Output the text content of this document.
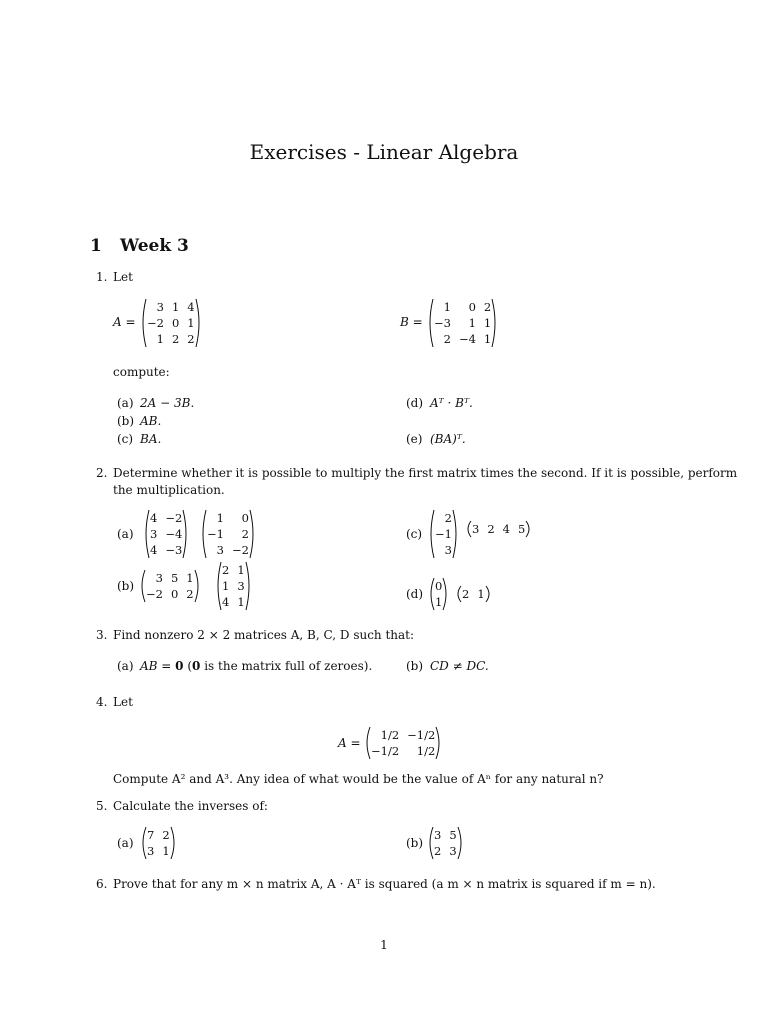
Exercises - Linear Algebra
1 Week 3
1. Let
A =
3 1 4
−2 0 1
1 2 2
B =
1	0 2
−3	1 1
2 −4 1
compute:
(a) 2A − 3B.
(b) AB.
(c) BA.
(d) Aᵀ · Bᵀ.
(e) (BA)ᵀ.
2. Determine whether it is possible to multiply the first matrix times the second. If it is possible, perform
the multiplication.
(a)
4 −2
3 −4
4 −3
1	0
−1	2
3 −2
(b)
3 5 1
−2 0 2
2 1
1 3
4 1
(c)
2
−1
3
3 2 4 5
(d)
0
1
2 1
3. Find nonzero 2 × 2 matrices A, B, C, D such that:
(a) AB = 0 (0 is the matrix full of zeroes).	(b) CD ≠ DC.
4. Let
A =
1/2 −1/2
−1/2	1/2
Compute A² and A³. Any idea of what would be the value of Aⁿ for any natural n?
5. Calculate the inverses of:
(a)
7 2
3 1
(b)
3 5
2 3
6. Prove that for any m × n matrix A, A · Aᵀ is squared (a m × n matrix is squared if m = n).
1
